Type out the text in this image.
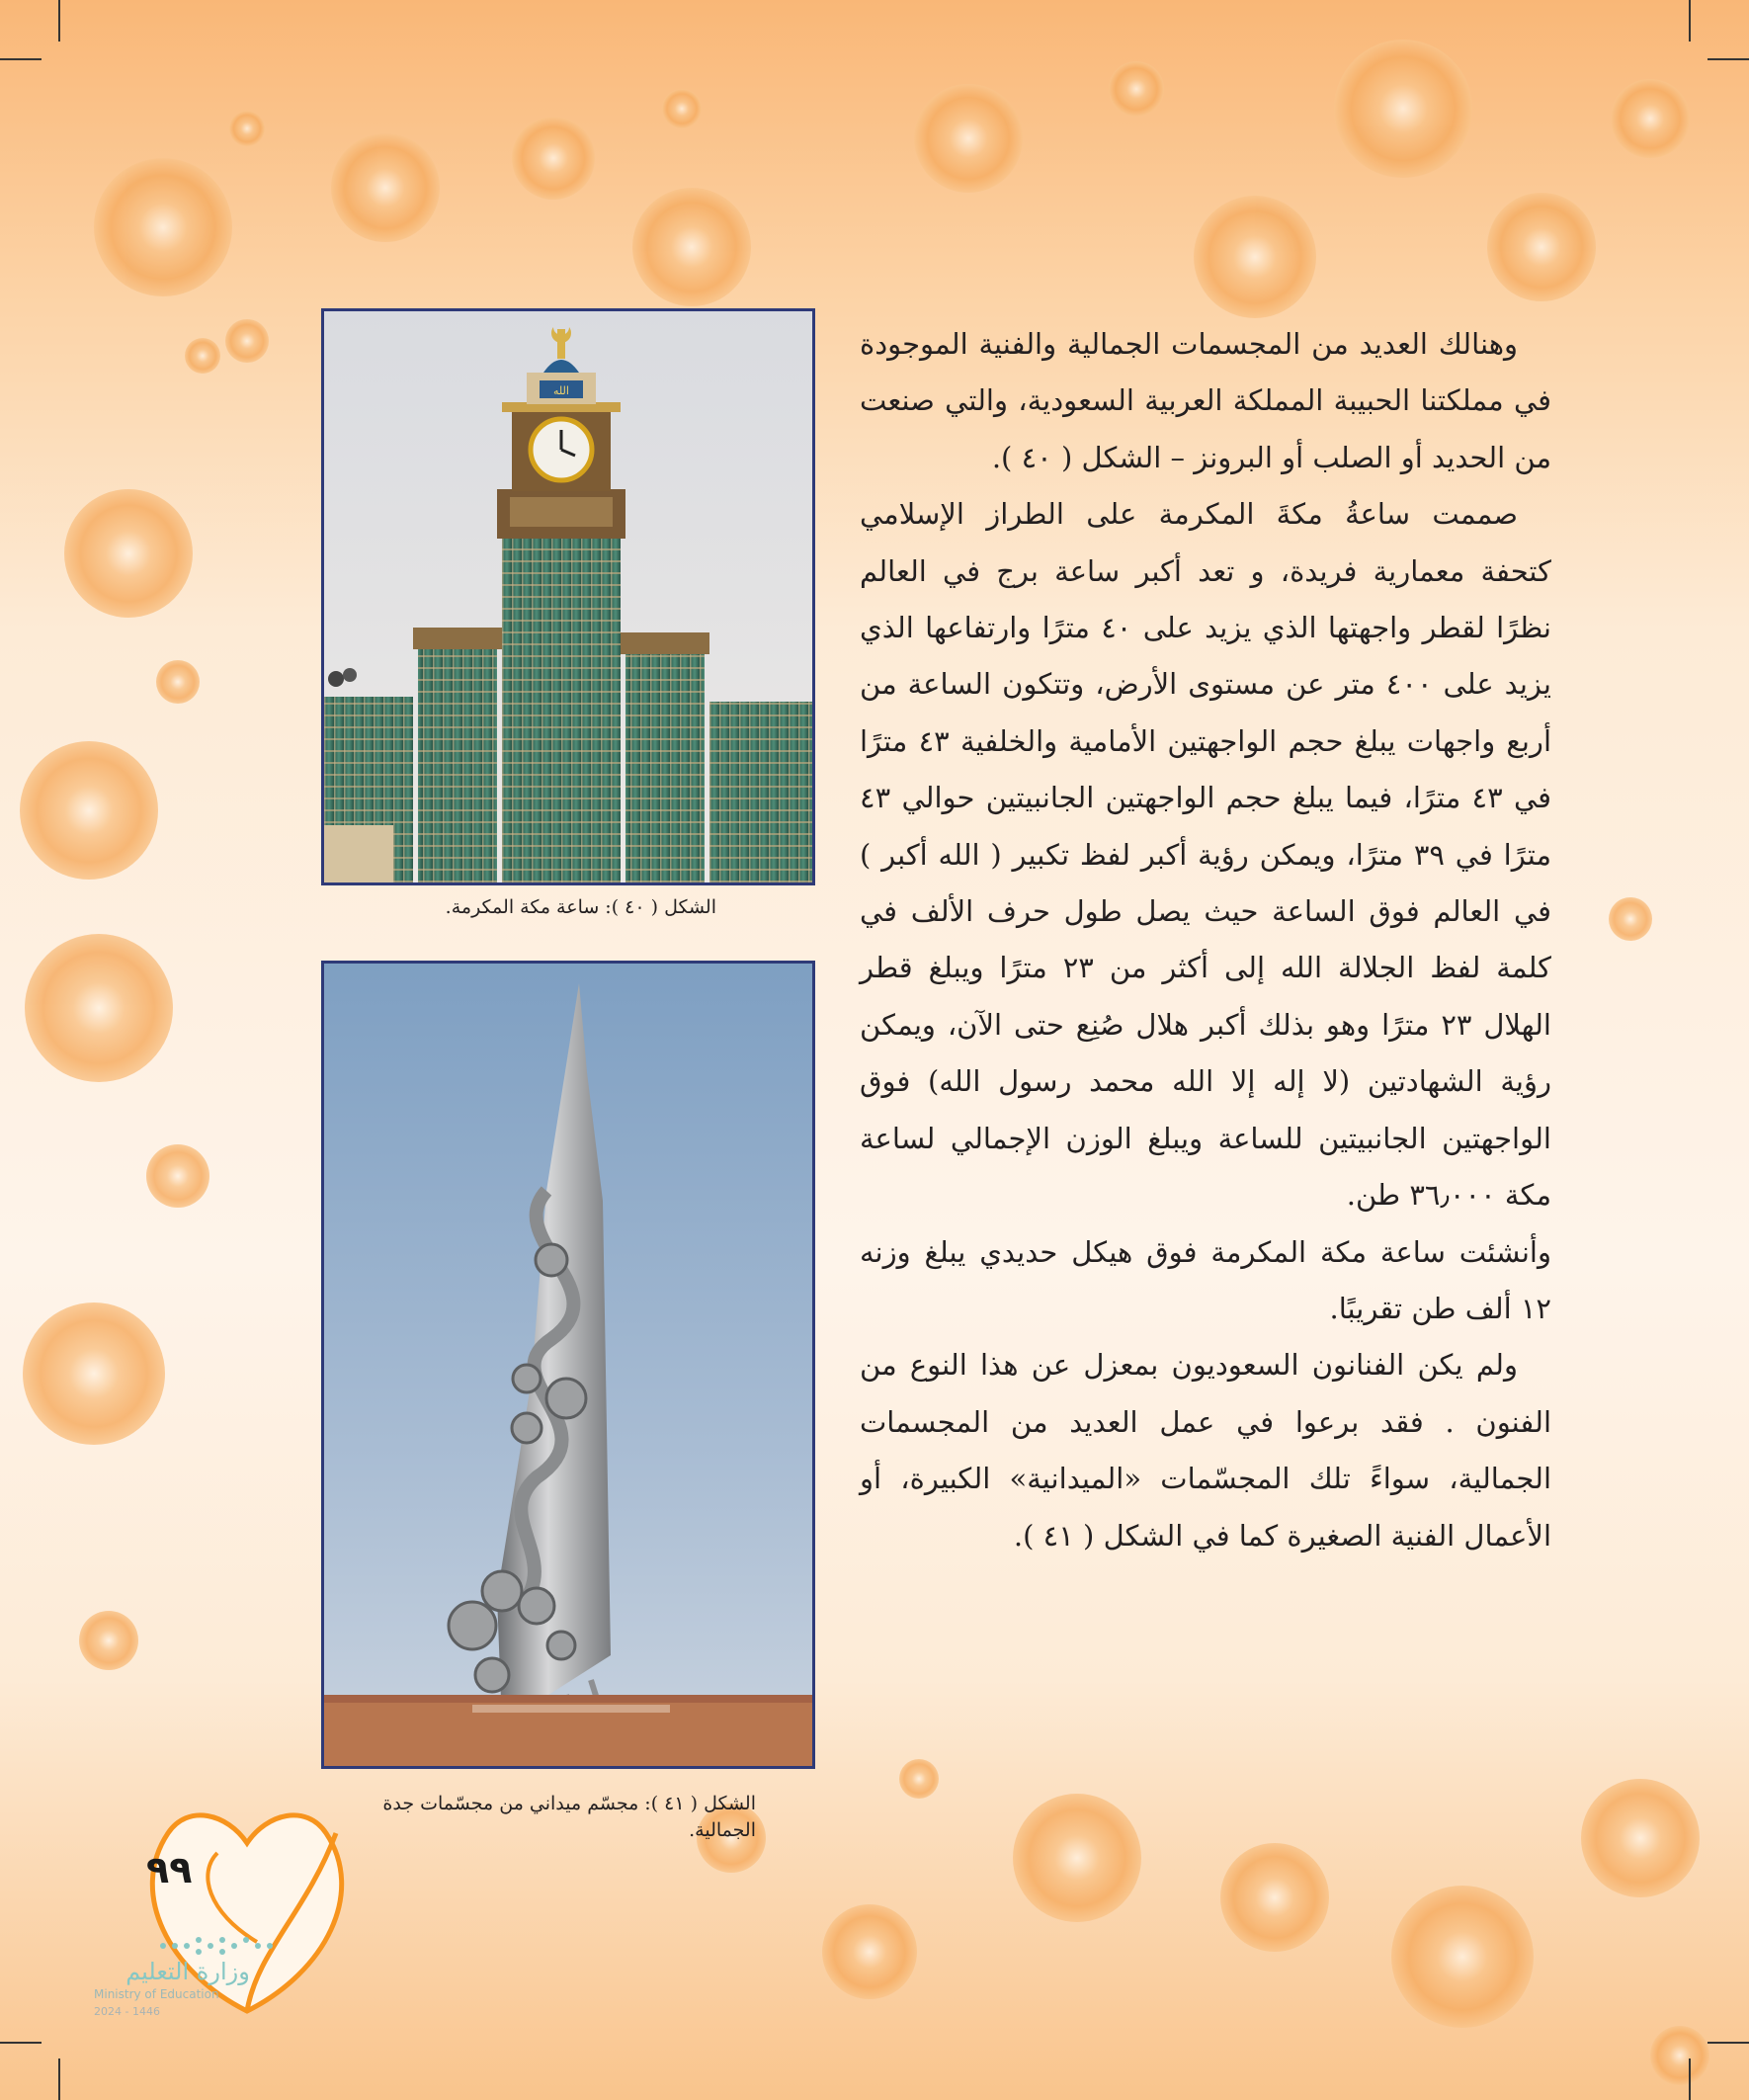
وهنالك العديد من المجسمات الجمالية والفنية الموجودة في مملكتنا الحبيبة المملكة العربية السعودية، والتي صنعت من الحديد أو الصلب أو البرونز – الشكل ( ٤٠ ).

صممت ساعةُ مكةَ المكرمة على الطراز الإسلامي كتحفة معمارية فريدة، و تعد أكبر ساعة برج في العالم نظرًا لقطر واجهتها الذي يزيد على ٤٠ مترًا وارتفاعها الذي يزيد على ٤٠٠ متر عن مستوى الأرض، وتتكون الساعة من أربع واجهات يبلغ حجم الواجهتين الأمامية والخلفية ٤٣ مترًا في ٤٣ مترًا، فيما يبلغ حجم الواجهتين الجانبيتين حوالي ٤٣ مترًا في ٣٩ مترًا، ويمكن رؤية أكبر لفظ تكبير ( الله أكبر ) في العالم فوق الساعة حيث يصل طول حرف الألف في كلمة لفظ الجلالة الله إلى أكثر من ٢٣ مترًا ويبلغ قطر الهلال ٢٣ مترًا وهو بذلك أكبر هلال صُنِع حتى الآن، ويمكن رؤية الشهادتين (لا إله إلا الله محمد رسول الله) فوق الواجهتين الجانبيتين للساعة ويبلغ الوزن الإجمالي لساعة مكة ٣٦٫٠٠٠ طن.

وأنشئت ساعة مكة المكرمة فوق هيكل حديدي يبلغ وزنه ١٢ ألف طن تقريبًا.

ولم يكن الفنانون السعوديون بمعزل عن هذا النوع من الفنون . فقد برعوا في عمل العديد من المجسمات الجمالية، سواءً تلك المجسّمات «الميدانية» الكبيرة، أو الأعمال الفنية الصغيرة كما في الشكل ( ٤١ ).

الله
الشكل ( ٤٠ ): ساعة مكة المكرمة.
الشكل ( ٤١ ): مجسّم ميداني من مجسّمات جدة الجمالية.
٩٩
وزارة التعليم
Ministry of Education
2024 - 1446
